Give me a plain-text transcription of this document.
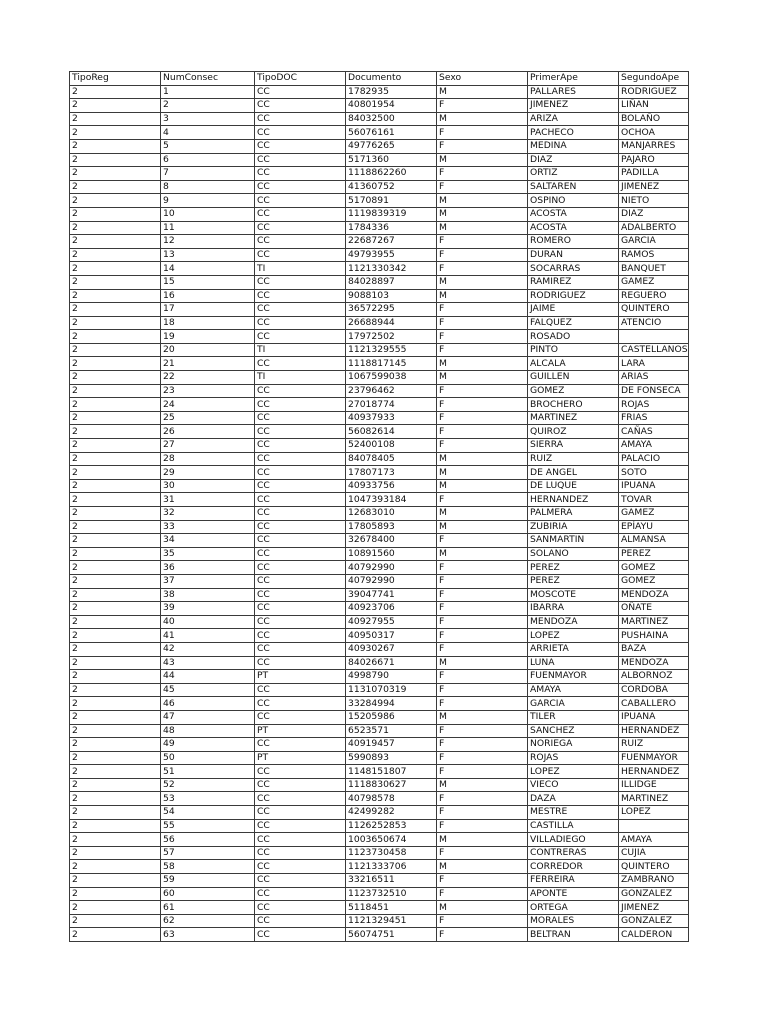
TipoReg	NumConsec	TipoDOC	Documento	Sexo	PrimerApe	SegundoApe
2	1	CC	1782935	M	PALLARES	RODRIGUEZ
2	2	CC	40801954	F	JIMENEZ	LIÑAN
2	3	CC	84032500	M	ARIZA	BOLAÑO
2	4	CC	56076161	F	PACHECO	OCHOA
2	5	CC	49776265	F	MEDINA	MANJARRES
2	6	CC	5171360	M	DIAZ	PAJARO
2	7	CC	1118862260	F	ORTIZ	PADILLA
2	8	CC	41360752	F	SALTAREN	JIMENEZ
2	9	CC	5170891	M	OSPINO	NIETO
2	10	CC	1119839319	M	ACOSTA	DIAZ
2	11	CC	1784336	M	ACOSTA	ADALBERTO
2	12	CC	22687267	F	ROMERO	GARCIA
2	13	CC	49793955	F	DURAN	RAMOS
2	14	TI	1121330342	F	SOCARRAS	BANQUET
2	15	CC	84028897	M	RAMIREZ	GAMEZ
2	16	CC	9088103	M	RODRIGUEZ	REGUERO
2	17	CC	36572295	F	JAIME	QUINTERO
2	18	CC	26688944	F	FALQUEZ	ATENCIO
2	19	CC	17972502	F	ROSADO	
2	20	TI	1121329555	F	PINTO	CASTELLANOS
2	21	CC	1118817145	M	ALCALA	LARA
2	22	TI	1067599038	M	GUILLEN	ARIAS
2	23	CC	23796462	F	GOMEZ	DE FONSECA
2	24	CC	27018774	F	BROCHERO	ROJAS
2	25	CC	40937933	F	MARTINEZ	FRIAS
2	26	CC	56082614	F	QUIROZ	CAÑAS
2	27	CC	52400108	F	SIERRA	AMAYA
2	28	CC	84078405	M	RUIZ	PALACIO
2	29	CC	17807173	M	DE ANGEL	SOTO
2	30	CC	40933756	M	DE LUQUE	IPUANA
2	31	CC	1047393184	F	HERNANDEZ	TOVAR
2	32	CC	12683010	M	PALMERA	GAMEZ
2	33	CC	17805893	M	ZUBIRIA	EPÍAYU
2	34	CC	32678400	F	SANMARTIN	ALMANSA
2	35	CC	10891560	M	SOLANO	PEREZ
2	36	CC	40792990	F	PEREZ	GOMEZ
2	37	CC	40792990	F	PEREZ	GOMEZ
2	38	CC	39047741	F	MOSCOTE	MENDOZA
2	39	CC	40923706	F	IBARRA	OÑATE
2	40	CC	40927955	F	MENDOZA	MARTINEZ
2	41	CC	40950317	F	LOPEZ	PUSHAINA
2	42	CC	40930267	F	ARRIETA	BAZA
2	43	CC	84026671	M	LUNA	MENDOZA
2	44	PT	4998790	F	FUENMAYOR	ALBORNOZ
2	45	CC	1131070319	F	AMAYA	CORDOBA
2	46	CC	33284994	F	GARCIA	CABALLERO
2	47	CC	15205986	M	TILER	IPUANA
2	48	PT	6523571	F	SANCHEZ	HERNANDEZ
2	49	CC	40919457	F	NORIEGA	RUIZ
2	50	PT	5990893	F	ROJAS	FUENMAYOR
2	51	CC	1148151807	F	LOPEZ	HERNANDEZ
2	52	CC	1118830627	M	VIECO	ILLIDGE
2	53	CC	40798578	F	DAZA	MARTINEZ
2	54	CC	42499282	F	MESTRE	LOPEZ
2	55	CC	1126252853	F	CASTILLA	
2	56	CC	1003650674	M	VILLADIEGO	AMAYA
2	57	CC	1123730458	F	CONTRERAS	CUJIA
2	58	CC	1121333706	M	CORREDOR	QUINTERO
2	59	CC	33216511	F	FERREIRA	ZAMBRANO
2	60	CC	1123732510	F	APONTE	GONZALEZ
2	61	CC	5118451	M	ORTEGA	JIMENEZ
2	62	CC	1121329451	F	MORALES	GONZALEZ
2	63	CC	56074751	F	BELTRAN	CALDERON
